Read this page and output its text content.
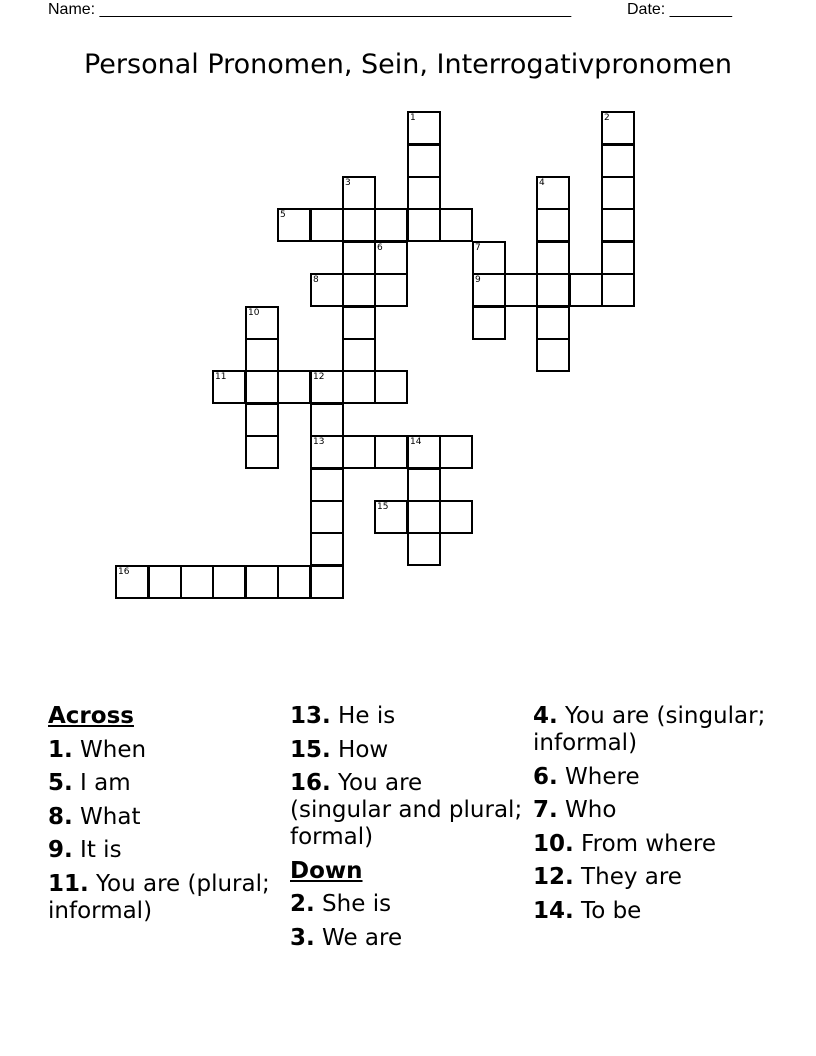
Name: _____________________________________________________	Date: _______
Personal Pronomen, Sein, Interrogativpronomen
1	2
3	4
5
6	7
9
8
10
11	12
13	14
15
16
Across
1. When
5. I am
8. What
9. It is
11. You are (plural; informal)
13. He is
15. How
16. You are (singular and plural; formal)
Down
2. She is
3. We are
4. You are (singular; informal)
6. Where
7. Who
10. From where
12. They are
14. To be
